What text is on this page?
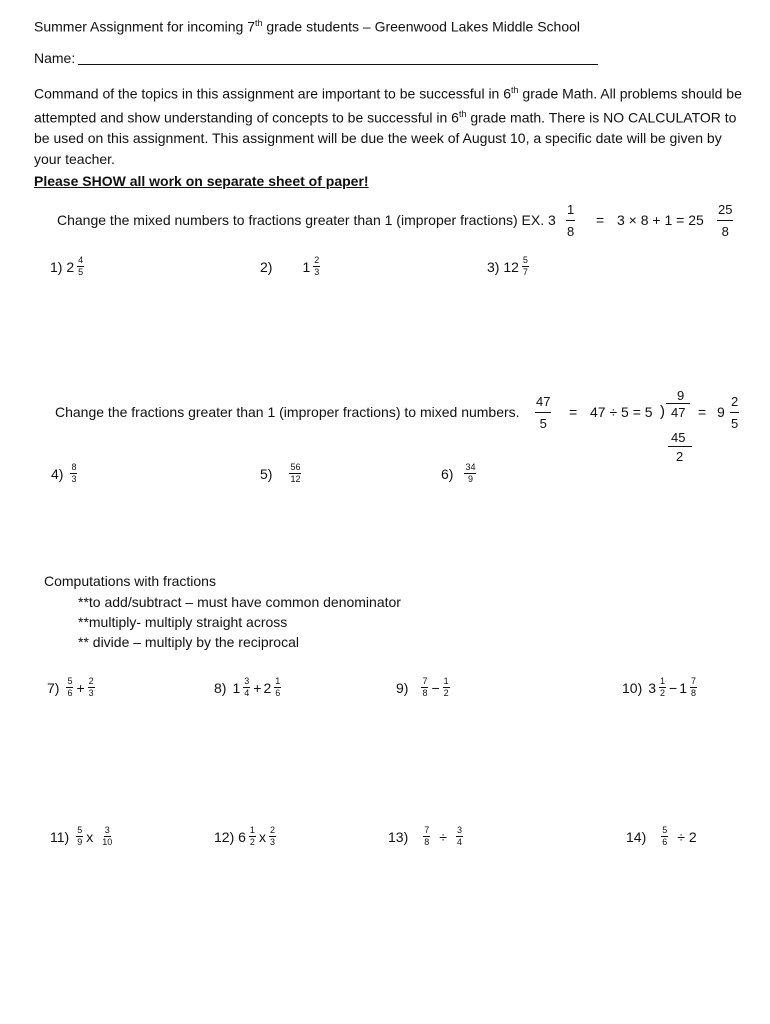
Summer Assignment for incoming 7th grade students – Greenwood Lakes Middle School
Name:
Command of the topics in this assignment are important to be successful in 6th grade Math. All problems should be attempted and show understanding of concepts to be successful in 6th grade math. There is NO CALCULATOR to be used on this assignment. This assignment will be due the week of August 10, a specific date will be given by your teacher.
Please SHOW all work on separate sheet of paper!
Change the mixed numbers to fractions greater than 1 (improper fractions) EX. $3 \frac{1}{8} = 3 \times 8 + 1 = 25 \frac{25}{8}$
1) $2 \frac{4}{5}$	2) $1 \frac{2}{3}$	3) $12 \frac{5}{7}$
Change the fractions greater than 1 (improper fractions) to mixed numbers. $\frac{47}{5} = 47 \div 5 = 5$
9
) 47
45
2
= $9 \frac{2}{5}$
$4) \frac{8}{3}$	$5) \frac{56}{12}$	$6) \frac{34}{9}$
Computations with fractions
**to add/subtract – must have common denominator
**multiply- multiply straight across
** divide – multiply by the reciprocal
$7) \frac{5}{6} + \frac{2}{3}$	8) $1 \frac{3}{4} + 2 \frac{1}{6}$	$9) \frac{7}{8} - \frac{1}{2}$	10) $3 \frac{1}{2} - 1 \frac{7}{8}$
$11) \frac{5}{9}$ x $\frac{3}{10}$	12) $6 \frac{1}{2}$ x $\frac{2}{3}$	$13) \frac{7}{8} \div \frac{3}{4}$	$14) \frac{5}{6} \div 2$
